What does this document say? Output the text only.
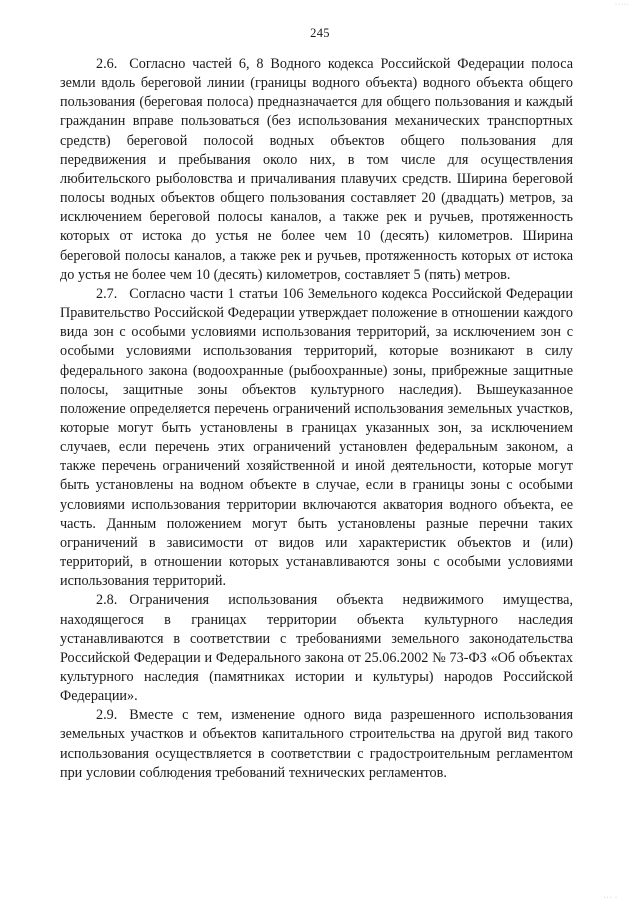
·····
245

2.6. Согласно частей 6, 8 Водного кодекса Российской Федерации полоса земли вдоль береговой линии (границы водного объекта) водного объекта общего пользования (береговая полоса) предназначается для общего пользования и каждый гражданин вправе пользоваться (без использования механических транспортных средств) береговой полосой водных объектов общего пользования для передвижения и пребывания около них, в том числе для осуществления любительского рыболовства и причаливания плавучих средств. Ширина береговой полосы водных объектов общего пользования составляет 20 (двадцать) метров, за исключением береговой полосы каналов, а также рек и ручьев, протяженность которых от истока до устья не более чем 10 (десять) километров. Ширина береговой полосы каналов, а также рек и ручьев, протяженность которых от истока до устья не более чем 10 (десять) километров, составляет 5 (пять) метров.

2.7. Согласно части 1 статьи 106 Земельного кодекса Российской Федерации Правительство Российской Федерации утверждает положение в отношении каждого вида зон с особыми условиями использования территорий, за исключением зон с особыми условиями использования территорий, которые возникают в силу федерального закона (водоохранные (рыбоохранные) зоны, прибрежные защитные полосы, защитные зоны объектов культурного наследия). Вышеуказанное положение определяется перечень ограничений использования земельных участков, которые могут быть установлены в границах указанных зон, за исключением случаев, если перечень этих ограничений установлен федеральным законом, а также перечень ограничений хозяйственной и иной деятельности, которые могут быть установлены на водном объекте в случае, если в границы зоны с особыми условиями использования территории включаются акватория водного объекта, ее часть. Данным положением могут быть установлены разные перечни таких ограничений в зависимости от видов или характеристик объектов и (или) территорий, в отношении которых устанавливаются зоны с особыми условиями использования территорий.

2.8. Ограничения использования объекта недвижимого имущества, находящегося в границах территории объекта культурного наследия устанавливаются в соответствии с требованиями земельного законодательства Российской Федерации и Федерального закона от 25.06.2002 № 73-ФЗ «Об объектах культурного наследия (памятниках истории и культуры) народов Российской Федерации».

2.9. Вместе с тем, изменение одного вида разрешенного использования земельных участков и объектов капитального строительства на другой вид такого использования осуществляется в соответствии с градостроительным регламентом при условии соблюдения требований технических регламентов.

··· ·
